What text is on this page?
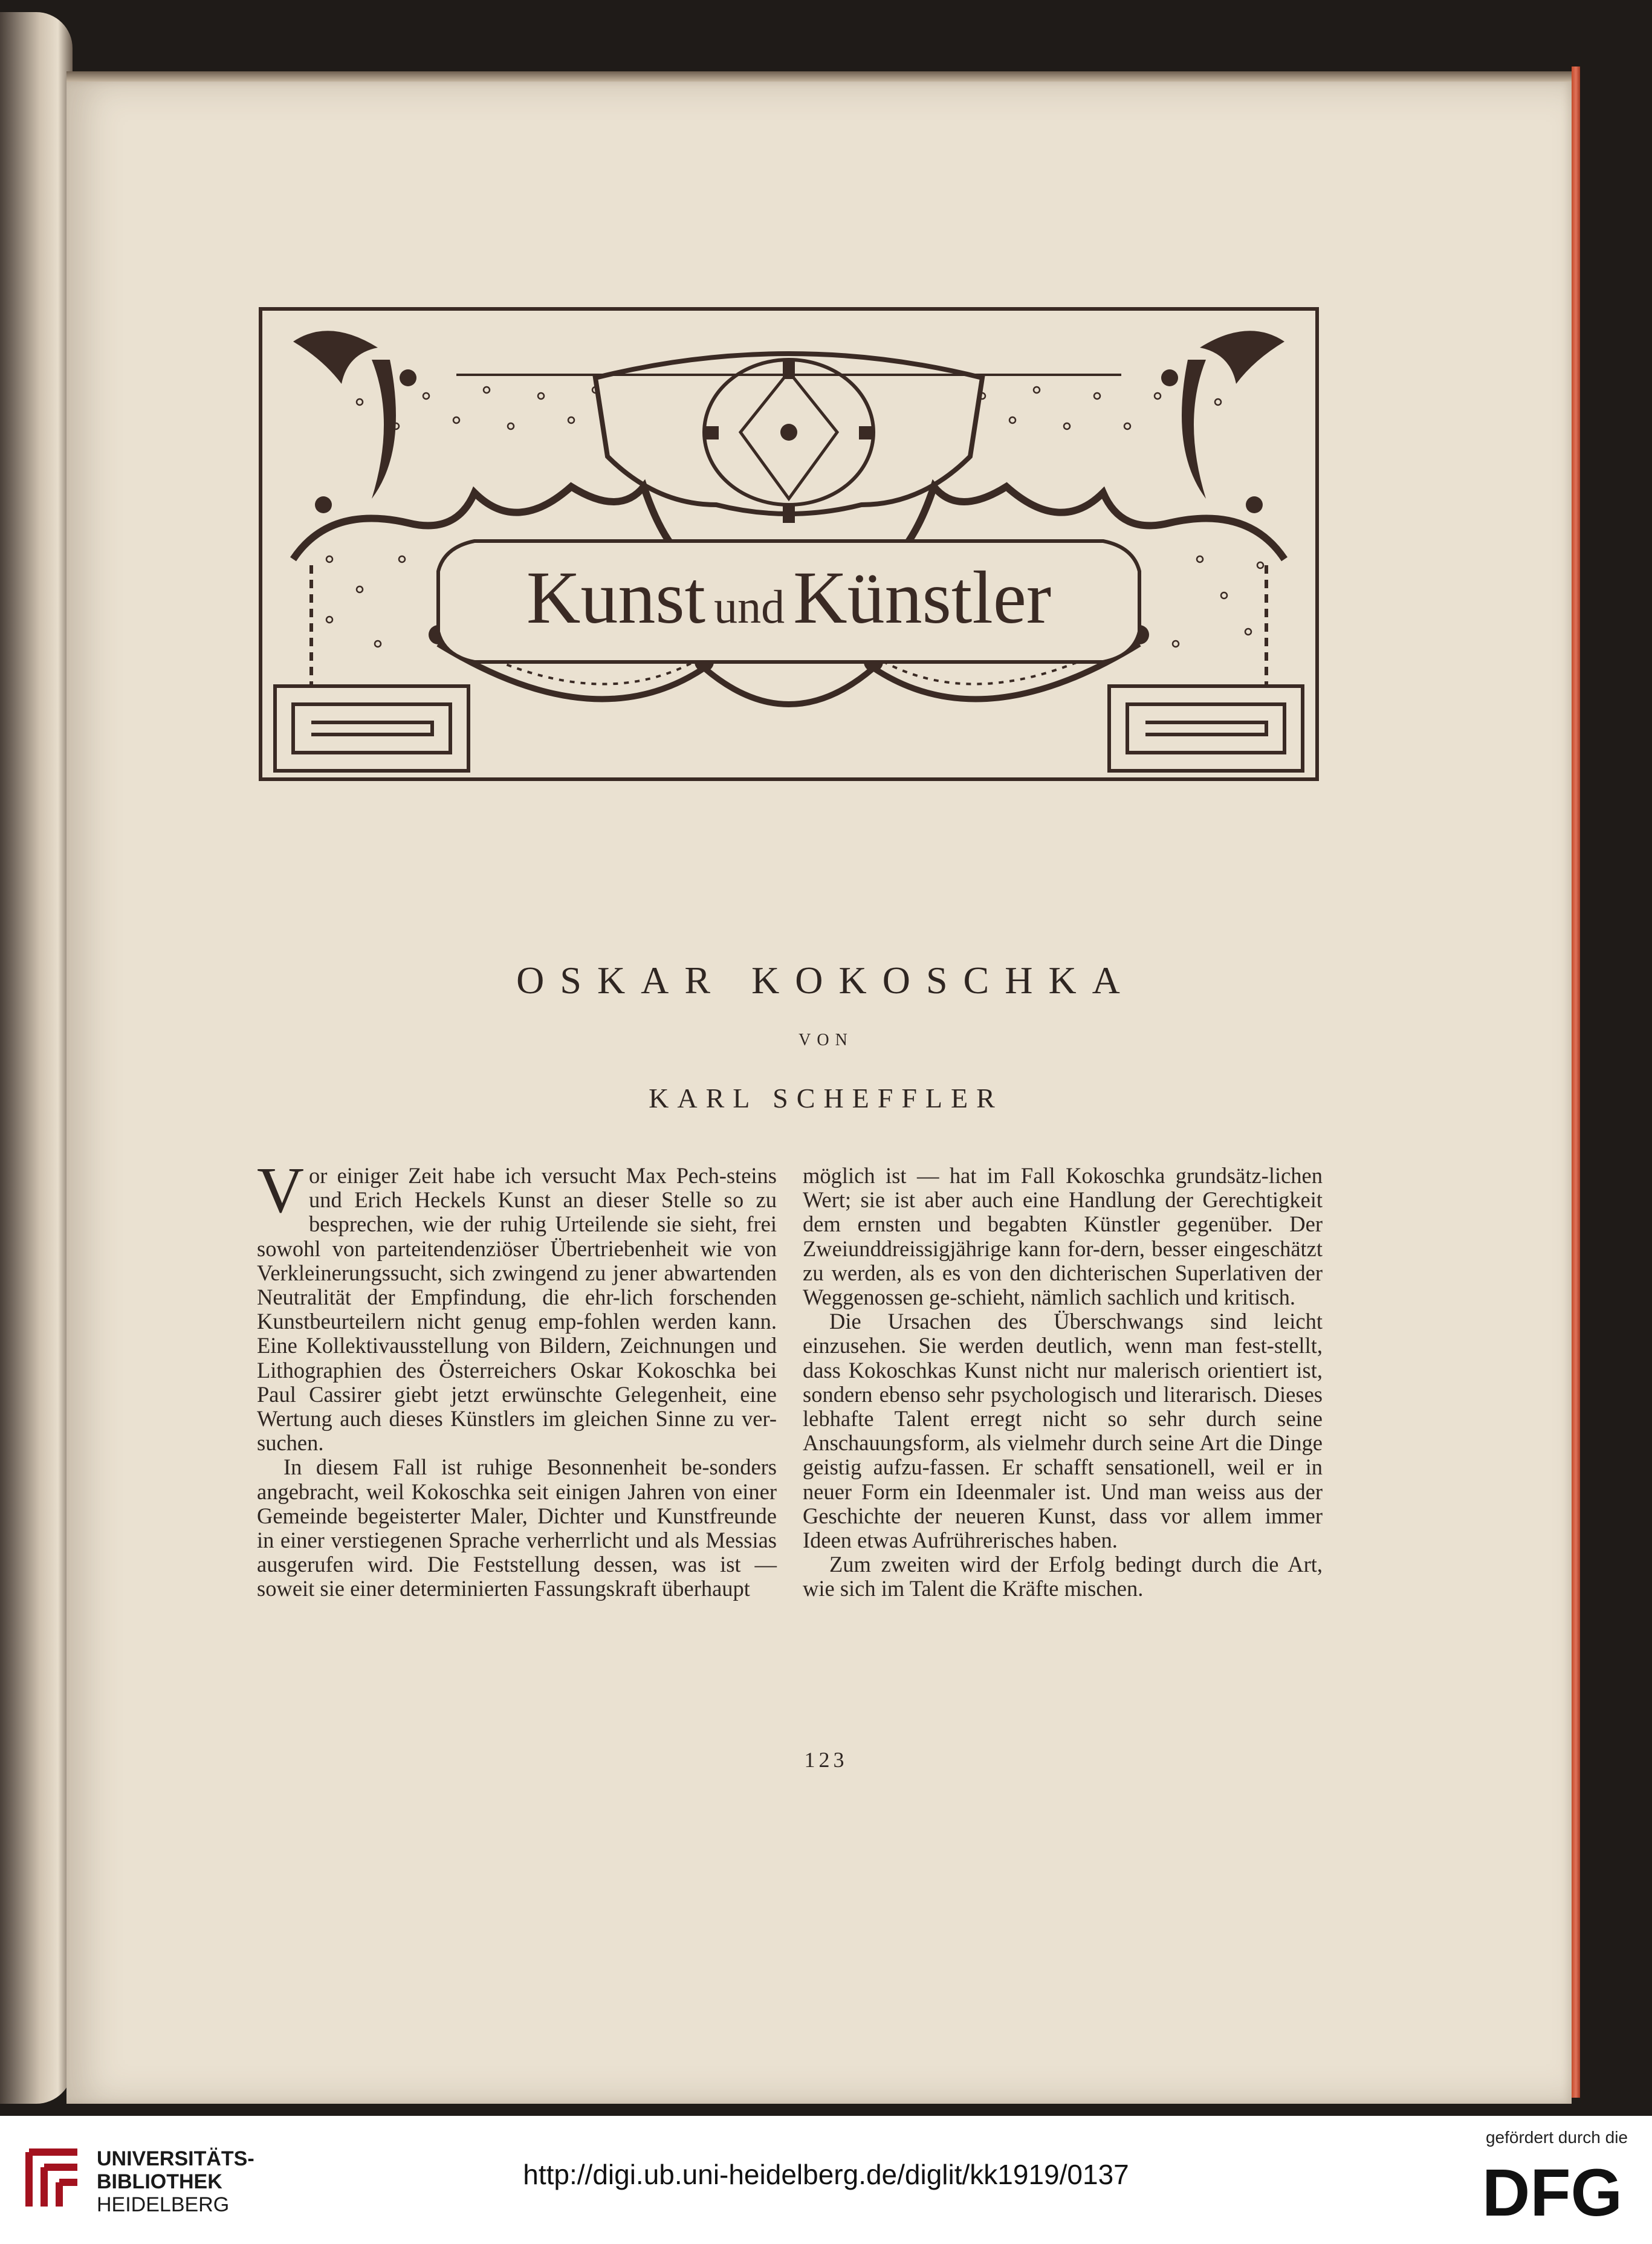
Kunst und Künstler
OSKAR KOKOSCHKA
VON
KARL SCHEFFLER

Vor einiger Zeit habe ich versucht Max Pech-steins und Erich Heckels Kunst an dieser Stelle so zu besprechen, wie der ruhig Urteilende sie sieht, frei sowohl von parteitendenziöser Übertriebenheit wie von Verkleinerungssucht, sich zwingend zu jener abwartenden Neutralität der Empfindung, die ehr-lich forschenden Kunstbeurteilern nicht genug emp-fohlen werden kann. Eine Kollektivausstellung von Bildern, Zeichnungen und Lithographien des Österreichers Oskar Kokoschka bei Paul Cassirer giebt jetzt erwünschte Gelegenheit, eine Wertung auch dieses Künstlers im gleichen Sinne zu ver-suchen.

In diesem Fall ist ruhige Besonnenheit be-sonders angebracht, weil Kokoschka seit einigen Jahren von einer Gemeinde begeisterter Maler, Dichter und Kunstfreunde in einer verstiegenen Sprache verherrlicht und als Messias ausgerufen wird. Die Feststellung dessen, was ist — soweit sie einer determinierten Fassungskraft überhaupt

möglich ist — hat im Fall Kokoschka grundsätz-lichen Wert; sie ist aber auch eine Handlung der Gerechtigkeit dem ernsten und begabten Künstler gegenüber. Der Zweiunddreissigjährige kann for-dern, besser eingeschätzt zu werden, als es von den dichterischen Superlativen der Weggenossen ge-schieht, nämlich sachlich und kritisch.

Die Ursachen des Überschwangs sind leicht einzusehen. Sie werden deutlich, wenn man fest-stellt, dass Kokoschkas Kunst nicht nur malerisch orientiert ist, sondern ebenso sehr psychologisch und literarisch. Dieses lebhafte Talent erregt nicht so sehr durch seine Anschauungsform, als vielmehr durch seine Art die Dinge geistig aufzu-fassen. Er schafft sensationell, weil er in neuer Form ein Ideenmaler ist. Und man weiss aus der Geschichte der neueren Kunst, dass vor allem immer Ideen etwas Aufrührerisches haben.

Zum zweiten wird der Erfolg bedingt durch die Art, wie sich im Talent die Kräfte mischen.

123
UNIVERSITÄTS-
BIBLIOTHEK
HEIDELBERG
http://digi.ub.uni-heidelberg.de/diglit/kk1919/0137
gefördert durch die
DFG
